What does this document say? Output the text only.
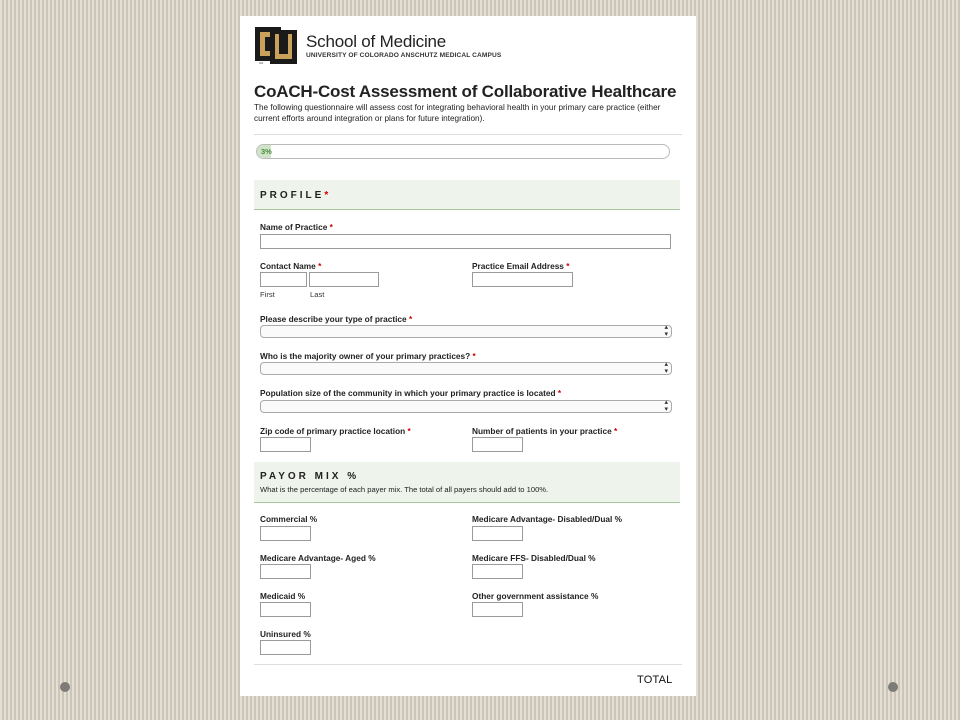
CU
School of Medicine
UNIVERSITY OF COLORADO ANSCHUTZ MEDICAL CAMPUS
CoACH-Cost Assessment of Collaborative Healthcare
The following questionnaire will assess cost for integrating behavioral health in your primary care practice (either current efforts around integration or plans for future integration).
3%
PROFILE*
Name of Practice *
Contact Name *
First	Last
Practice Email Address *
Please describe your type of practice *
▴
▾
Who is the majority owner of your primary practices? *
▴
▾
Population size of the community in which your primary practice is located *
▴
▾
Zip code of primary practice location *	Number of patients in your practice *
PAYOR MIX %
What is the percentage of each payer mix. The total of all payers should add to 100%.
Commercial %	Medicare Advantage- Disabled/Dual %
Medicare Advantage- Aged %	Medicare FFS- Disabled/Dual %
Medicaid %	Other government assistance %
Uninsured %
TOTAL
